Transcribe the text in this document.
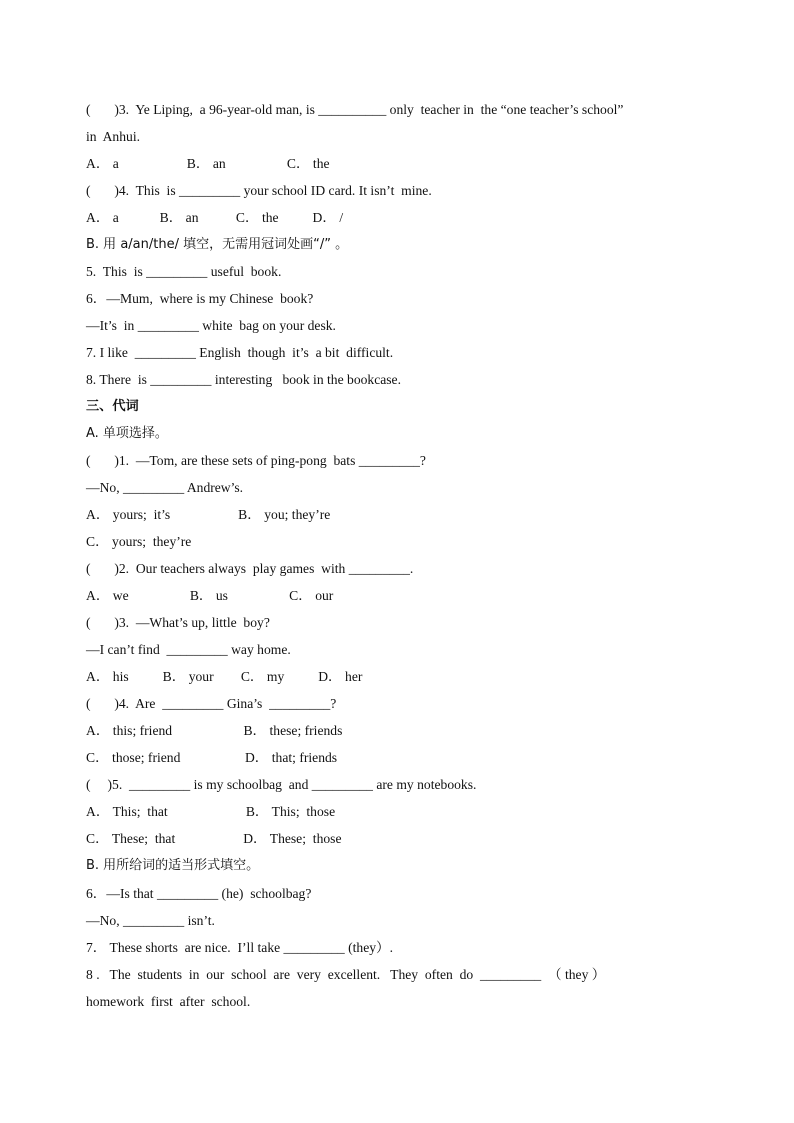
(       )3.  Ye Liping,  a 96-year-old man, is __________ only  teacher in  the “one teacher’s school”
in  Anhui.
A． a                    B． an                  C． the
(       )4.  This  is _________ your school ID card. It isn’t  mine.
A． a            B． an           C． the          D． /
B. 用 a/an/the/ 填空，无需用冠词处画“/” 。
5.  This  is _________ useful  book.
6．—Mum,  where is my Chinese  book?
—It’s  in _________ white  bag on your desk.
7. I like  _________ English  though  it’s  a bit  difficult.
8. There  is _________ interesting   book in the bookcase.
三、代词
A. 单项选择。
(       )1.  —Tom, are these sets of ping-pong  bats _________?
—No, _________ Andrew’s.
A． yours;  it’s                    B． you; they’re
C． yours;  they’re
(       )2.  Our teachers always  play games  with _________.
A． we                  B． us                  C． our
(       )3.  —What’s up, little  boy?
—I can’t find  _________ way home.
A． his          B． your        C． my          D． her
(       )4.  Are  _________ Gina’s  _________?
A． this; friend                     B． these; friends
C． those; friend                   D． that; friends
(     )5.  _________ is my schoolbag  and _________ are my notebooks.
A． This;  that                       B． This;  those
C． These;  that                    D． These;  those
B. 用所给词的适当形式填空。
6．—Is that _________ (he)  schoolbag?
—No, _________ isn’t.
7． These shorts  are nice.  I’ll take _________ (they）.
8 .   The  students  in  our  school  are  very  excellent.   They  often  do  _________  （ they ）
homework  first  after  school.
